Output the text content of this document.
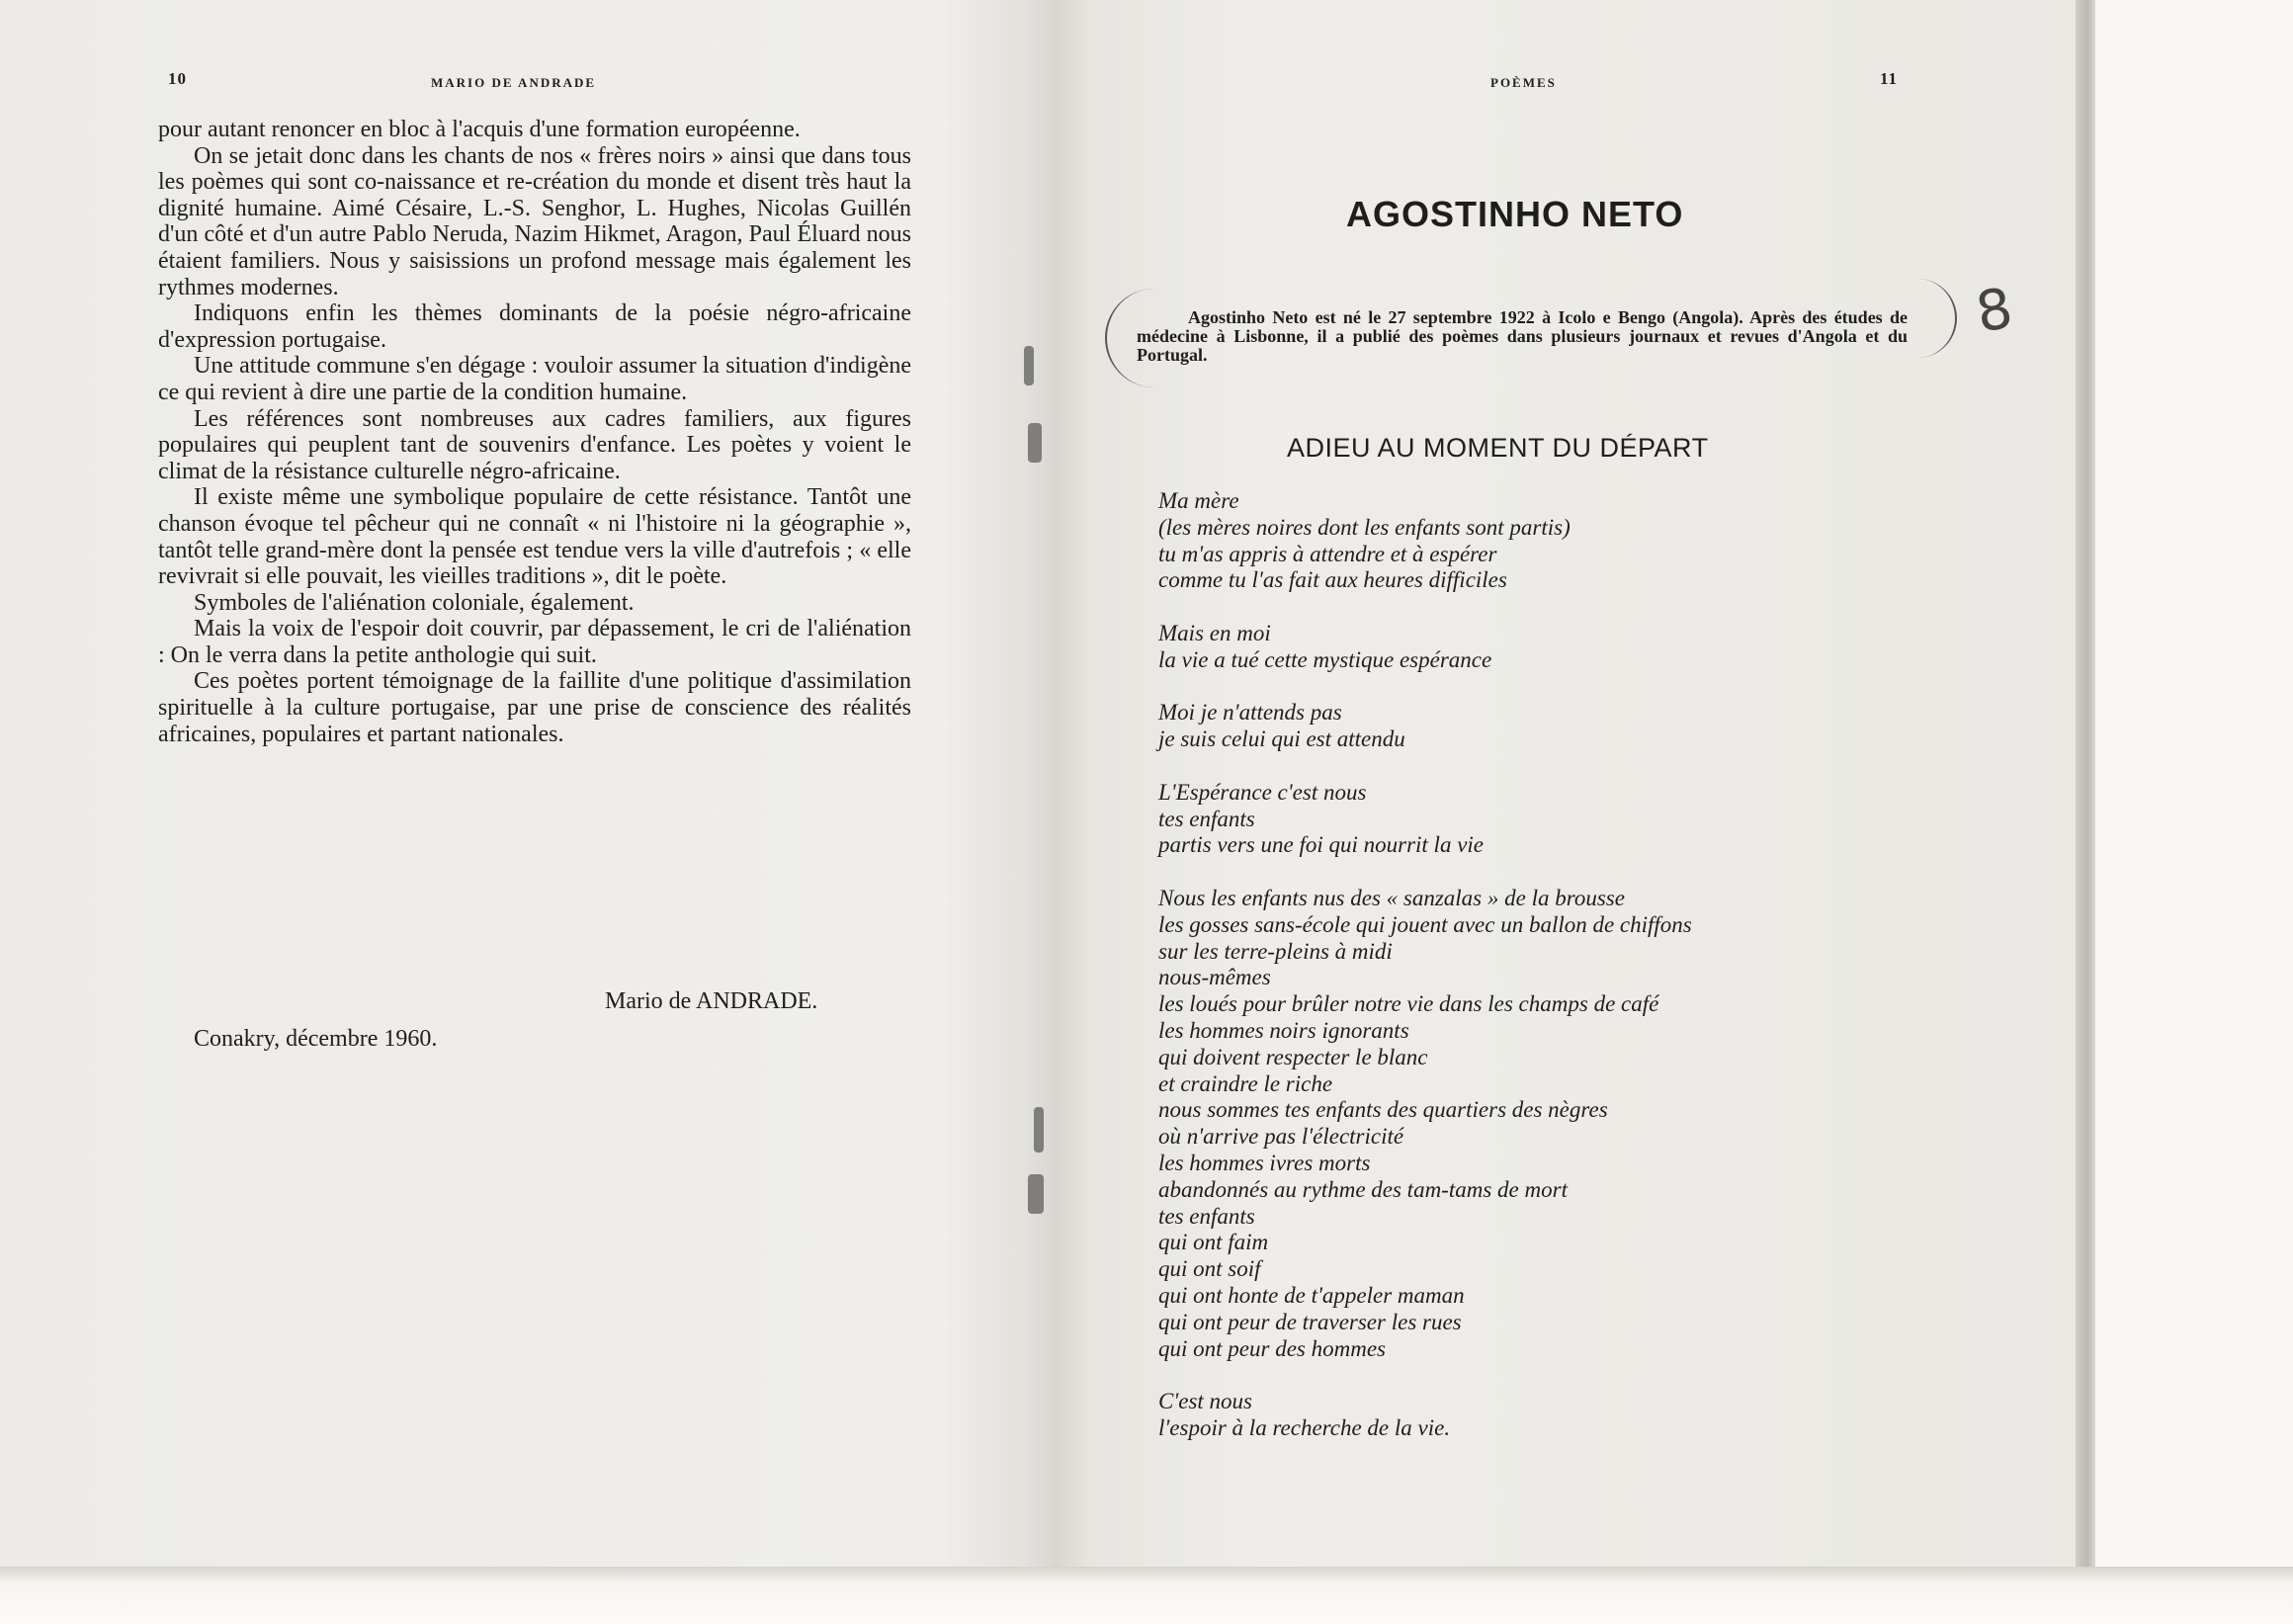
10	MARIO DE ANDRADE

pour autant renoncer en bloc à l'acquis d'une formation européenne.

On se jetait donc dans les chants de nos « frères noirs » ainsi que dans tous les poèmes qui sont co-naissance et re-création du monde et disent très haut la dignité humaine. Aimé Césaire, L.-S. Senghor, L. Hughes, Nicolas Guillén d'un côté et d'un autre Pablo Neruda, Nazim Hikmet, Aragon, Paul Éluard nous étaient familiers. Nous y saisissions un profond message mais également les rythmes modernes.

Indiquons enfin les thèmes dominants de la poésie négro-africaine d'expression portugaise.

Une attitude commune s'en dégage : vouloir assumer la situation d'indigène ce qui revient à dire une partie de la condition humaine.

Les références sont nombreuses aux cadres familiers, aux figures populaires qui peuplent tant de souvenirs d'enfance. Les poètes y voient le climat de la résistance culturelle négro-africaine.

Il existe même une symbolique populaire de cette résistance. Tantôt une chanson évoque tel pêcheur qui ne connaît « ni l'histoire ni la géographie », tantôt telle grand-mère dont la pensée est tendue vers la ville d'autrefois ; « elle revivrait si elle pouvait, les vieilles traditions », dit le poète.

Symboles de l'aliénation coloniale, également.

Mais la voix de l'espoir doit couvrir, par dépassement, le cri de l'aliénation : On le verra dans la petite anthologie qui suit.

Ces poètes portent témoignage de la faillite d'une politique d'assimilation spirituelle à la culture portugaise, par une prise de conscience des réalités africaines, populaires et partant nationales.

Mario de ANDRADE.
Conakry, décembre 1960.
POÈMES	11
AGOSTINHO NETO
Agostinho Neto est né le 27 septembre 1922 à Icolo e Bengo (Angola). Après des études de médecine à Lisbonne, il a publié des poèmes dans plusieurs journaux et revues d'Angola et du Portugal.
8
ADIEU AU MOMENT DU DÉPART
Ma mère
(les mères noires dont les enfants sont partis)
tu m'as appris à attendre et à espérer
comme tu l'as fait aux heures difficiles
Mais en moi
la vie a tué cette mystique espérance
Moi je n'attends pas
je suis celui qui est attendu
L'Espérance c'est nous
tes enfants
partis vers une foi qui nourrit la vie
Nous les enfants nus des « sanzalas » de la brousse
les gosses sans-école qui jouent avec un ballon de chiffons
sur les terre-pleins à midi
nous-mêmes
les loués pour brûler notre vie dans les champs de café
les hommes noirs ignorants
qui doivent respecter le blanc
et craindre le riche
nous sommes tes enfants des quartiers des nègres
où n'arrive pas l'électricité
les hommes ivres morts
abandonnés au rythme des tam-tams de mort
tes enfants
qui ont faim
qui ont soif
qui ont honte de t'appeler maman
qui ont peur de traverser les rues
qui ont peur des hommes
C'est nous
l'espoir à la recherche de la vie.
